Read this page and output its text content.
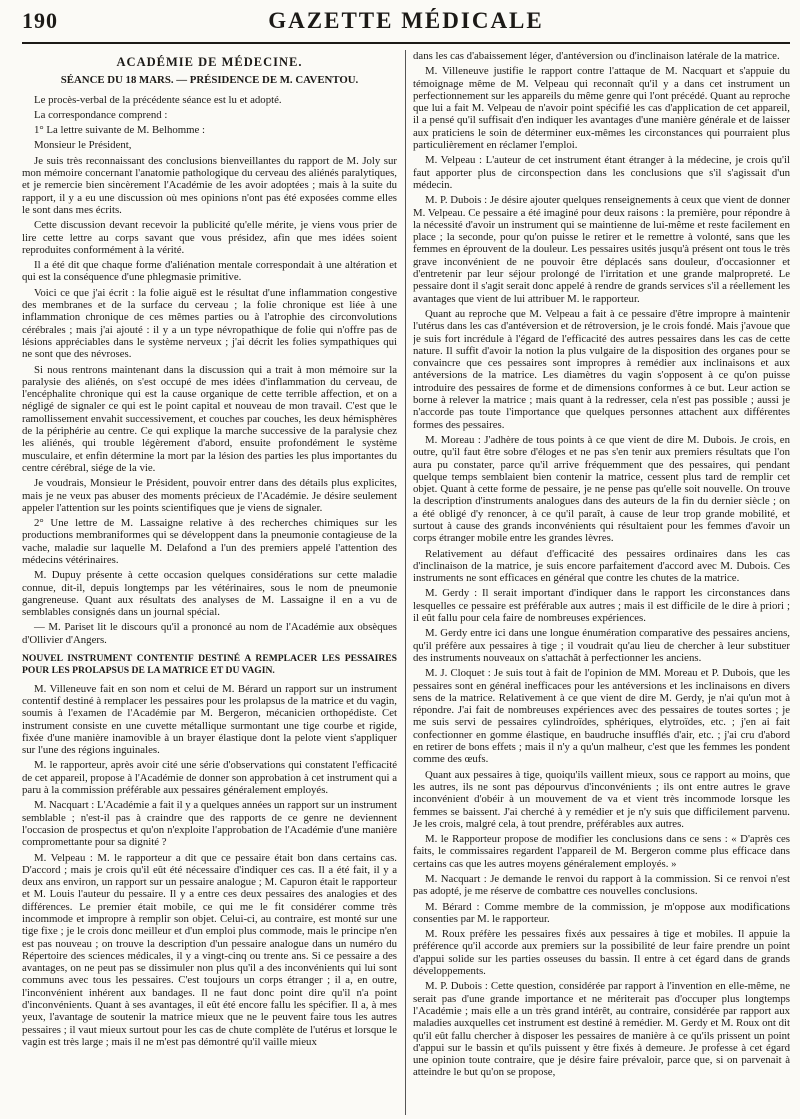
190	GAZETTE MÉDICALE
ACADÉMIE DE MÉDECINE.
SÉANCE DU 18 MARS. — PRÉSIDENCE DE M. CAVENTOU.

Le procès-verbal de la précédente séance est lu et adopté.

La correspondance comprend :

1° La lettre suivante de M. Belhomme :

Monsieur le Président,

Je suis très reconnaissant des conclusions bienveillantes du rapport de M. Joly sur mon mémoire concernant l'anatomie pathologique du cerveau des aliénés paralytiques, et je remercie bien sincèrement l'Académie de les avoir adoptées ; mais à la suite du rapport, il y a eu une discussion où mes opinions n'ont pas été exposées comme elles le sont dans mes écrits.

Cette discussion devant recevoir la publicité qu'elle mérite, je viens vous prier de lire cette lettre au corps savant que vous présidez, afin que mes idées soient reproduites conformément à la vérité.

Il a été dit que chaque forme d'aliénation mentale correspondait à une altération et qui est la conséquence d'une phlegmasie primitive.

Voici ce que j'ai écrit : la folie aiguë est le résultat d'une inflammation congestive des membranes et de la surface du cerveau ; la folie chronique est liée à une inflammation chronique de ces mêmes parties ou à l'atrophie des circonvolutions cérébrales ; mais j'ai ajouté : il y a un type névropathique de folie qui n'offre pas de lésions appréciables dans le système nerveux ; j'ai décrit les folies sympathiques qui ne sont que des névroses.

Si nous rentrons maintenant dans la discussion qui a trait à mon mémoire sur la paralysie des aliénés, on s'est occupé de mes idées d'inflammation du cerveau, de l'encéphalite chronique qui est la cause organique de cette terrible affection, et on a négligé de signaler ce qui est le point capital et nouveau de mon travail. C'est que le ramollissement envahit successivement, et couches par couches, les deux hémisphères de la périphérie au centre. Ce qui explique la marche successive de la paralysie chez les aliénés, qui trouble légèrement d'abord, ensuite profondément le système musculaire, et enfin détermine la mort par la lésion des parties les plus importantes du centre cérébral, siége de la vie.

Je voudrais, Monsieur le Président, pouvoir entrer dans des détails plus explicites, mais je ne veux pas abuser des moments précieux de l'Académie. Je désire seulement appeler l'attention sur les points scientifiques que je viens de signaler.

2° Une lettre de M. Lassaigne relative à des recherches chimiques sur les productions membraniformes qui se développent dans la pneumonie contagieuse de la vache, maladie sur laquelle M. Delafond a l'un des premiers appelé l'attention des médecins vétérinaires.

M. Dupuy présente à cette occasion quelques considérations sur cette maladie connue, dit-il, depuis longtemps par les vétérinaires, sous le nom de pneumonie gangreneuse. Quant aux résultats des analyses de M. Lassaigne il en a vu de semblables consignés dans un journal spécial.

— M. Pariset lit le discours qu'il a prononcé au nom de l'Académie aux obsèques d'Ollivier d'Angers.

NOUVEL INSTRUMENT CONTENTIF DESTINÉ A REMPLACER LES PESSAIRES POUR LES PROLAPSUS DE LA MATRICE ET DU VAGIN.

M. Villeneuve fait en son nom et celui de M. Bérard un rapport sur un instrument contentif destiné à remplacer les pessaires pour les prolapsus de la matrice et du vagin, soumis à l'examen de l'Académie par M. Bergeron, mécanicien orthopédiste. Cet instrument consiste en une cuvette métallique surmontant une tige courbe et rigide, fixée d'une manière inamovible à un brayer élastique dont la pelote vient s'appliquer sur l'une des régions inguinales.

M. le rapporteur, après avoir cité une série d'observations qui constatent l'efficacité de cet appareil, propose à l'Académie de donner son approbation à cet instrument qui a paru à la commission préférable aux pessaires généralement employés.

M. Nacquart : L'Académie a fait il y a quelques années un rapport sur un instrument semblable ; n'est-il pas à craindre que des rapports de ce genre ne deviennent l'occasion de prospectus et qu'on n'exploite l'approbation de l'Académie d'une manière compromettante pour sa dignité ?

M. Velpeau : M. le rapporteur a dit que ce pessaire était bon dans certains cas. D'accord ; mais je crois qu'il eût été nécessaire d'indiquer ces cas. Il a été fait, il y a deux ans environ, un rapport sur un pessaire analogue ; M. Capuron était le rapporteur et M. Louis l'auteur du pessaire. Il y a entre ces deux pessaires des analogies et des différences. Le premier était mobile, ce qui me le fit considérer comme très incommode et impropre à remplir son objet. Celui-ci, au contraire, est monté sur une tige fixe ; je le crois donc meilleur et d'un emploi plus commode, mais le principe n'en est pas nouveau ; on trouve la description d'un pessaire analogue dans un numéro du Répertoire des sciences médicales, il y a vingt-cinq ou trente ans. Si ce pessaire a des avantages, on ne peut pas se dissimuler non plus qu'il a des inconvénients qui lui sont communs avec tous les pessaires. C'est toujours un corps étranger ; il a, en outre, l'inconvénient inhérent aux bandages. Il ne faut donc point dire qu'il n'a point d'inconvénients. Quant à ses avantages, il eût été encore fallu les spécifier. Il a, à mes yeux, l'avantage de soutenir la matrice mieux que ne le peuvent faire tous les autres pessaires ; il vaut mieux surtout pour les cas de chute complète de l'utérus et lorsque le vagin est très large ; mais il ne m'est pas démontré qu'il vaille mieux

dans les cas d'abaissement léger, d'antéversion ou d'inclinaison latérale de la matrice.

M. Villeneuve justifie le rapport contre l'attaque de M. Nacquart et s'appuie du témoignage même de M. Velpeau qui reconnaît qu'il y a dans cet instrument un perfectionnement sur les appareils du même genre qui l'ont précédé. Quant au reproche que lui a fait M. Velpeau de n'avoir point spécifié les cas d'application de cet appareil, il a pensé qu'il suffisait d'en indiquer les avantages d'une manière générale et de laisser aux praticiens le soin de déterminer eux-mêmes les circonstances qui pourraient plus particulièrement en réclamer l'emploi.

M. Velpeau : L'auteur de cet instrument étant étranger à la médecine, je crois qu'il faut apporter plus de circonspection dans les conclusions que s'il s'agissait d'un médecin.

M. P. Dubois : Je désire ajouter quelques renseignements à ceux que vient de donner M. Velpeau. Ce pessaire a été imaginé pour deux raisons : la première, pour répondre à la nécessité d'avoir un instrument qui se maintienne de lui-même et reste facilement en place ; la seconde, pour qu'on puisse le retirer et le remettre à volonté, sans que les femmes en éprouvent de la douleur. Les pessaires usités jusqu'à présent ont tous le très grave inconvénient de ne pouvoir être déplacés sans douleur, d'occasionner et d'entretenir par leur séjour prolongé de l'irritation et une grande malpropreté. Le pessaire dont il s'agit serait donc appelé à rendre de grands services s'il a réellement les avantages que vient de lui attribuer M. le rapporteur.

Quant au reproche que M. Velpeau a fait à ce pessaire d'être impropre à maintenir l'utérus dans les cas d'antéversion et de rétroversion, je le crois fondé. Mais j'avoue que je suis fort incrédule à l'égard de l'efficacité des autres pessaires dans les cas de cette nature. Il suffit d'avoir la notion la plus vulgaire de la disposition des organes pour se convaincre que ces pessaires sont impropres à remédier aux inclinaisons et aux antéversions de la matrice. Les diamètres du vagin s'opposent à ce qu'on puisse introduire des pessaires de forme et de dimensions conformes à ce but. Leur action se borne à relever la matrice ; mais quant à la redresser, cela n'est pas possible ; aussi je n'accorde pas toute l'importance que quelques personnes attachent aux différentes formes des pessaires.

M. Moreau : J'adhère de tous points à ce que vient de dire M. Dubois. Je crois, en outre, qu'il faut être sobre d'éloges et ne pas s'en tenir aux premiers résultats que l'on aura pu constater, parce qu'il arrive fréquemment que des pessaires, qui pendant quelque temps semblaient bien contenir la matrice, cessent plus tard de remplir cet objet. Quant à cette forme de pessaire, je ne pense pas qu'elle soit nouvelle. On trouve la description d'instruments analogues dans des auteurs de la fin du dernier siècle ; on a été obligé d'y renoncer, à ce qu'il paraît, à cause de leur trop grande mobilité, et surtout à cause des grands inconvénients qui résultaient pour les femmes d'avoir un corps étranger mobile entre les grandes lèvres.

Relativement au défaut d'efficacité des pessaires ordinaires dans les cas d'inclinaison de la matrice, je suis encore parfaitement d'accord avec M. Dubois. Ces instruments ne sont efficaces en général que contre les chutes de la matrice.

M. Gerdy : Il serait important d'indiquer dans le rapport les circonstances dans lesquelles ce pessaire est préférable aux autres ; mais il est difficile de le dire à priori ; il eût fallu pour cela faire de nombreuses expériences.

M. Gerdy entre ici dans une longue énumération comparative des pessaires anciens, qu'il préfère aux pessaires à tige ; il voudrait qu'au lieu de chercher à leur substituer des instruments nouveaux on s'attachât à perfectionner les anciens.

M. J. Cloquet : Je suis tout à fait de l'opinion de MM. Moreau et P. Dubois, que les pessaires sont en général inefficaces pour les antéversions et les inclinaisons en divers sens de la matrice. Relativement à ce que vient de dire M. Gerdy, je n'ai qu'un mot à répondre. J'ai fait de nombreuses expériences avec des pessaires de toutes sortes ; je me suis servi de pessaires cylindroïdes, sphériques, elytroïdes, etc. ; j'en ai fait confectionner en gomme élastique, en baudruche insufflés d'air, etc. ; j'ai cru d'abord en retirer de bons effets ; mais il n'y a qu'un malheur, c'est que les femmes les pondent comme des œufs.

Quant aux pessaires à tige, quoiqu'ils vaillent mieux, sous ce rapport au moins, que les autres, ils ne sont pas dépourvus d'inconvénients ; ils ont entre autres le grave inconvénient d'obéir à un mouvement de va et vient très incommode lorsque les femmes se baissent. J'ai cherché à y remédier et je n'y suis que difficilement parvenu. Je les crois, malgré cela, à tout prendre, préférables aux autres.

M. le Rapporteur propose de modifier les conclusions dans ce sens : « D'après ces faits, le commissaires regardent l'appareil de M. Bergeron comme plus efficace dans certains cas que les autres moyens généralement employés. »

M. Nacquart : Je demande le renvoi du rapport à la commission. Si ce renvoi n'est pas adopté, je me réserve de combattre ces nouvelles conclusions.

M. Bérard : Comme membre de la commission, je m'oppose aux modifications consenties par M. le rapporteur.

M. Roux préfère les pessaires fixés aux pessaires à tige et mobiles. Il appuie la préférence qu'il accorde aux premiers sur la possibilité de leur faire prendre un point d'appui solide sur les parties osseuses du bassin. Il entre à cet égard dans de grands développements.

M. P. Dubois : Cette question, considérée par rapport à l'invention en elle-même, ne serait pas d'une grande importance et ne mériterait pas d'occuper plus longtemps l'Académie ; mais elle a un très grand intérêt, au contraire, considérée par rapport aux maladies auxquelles cet instrument est destiné à remédier. M. Gerdy et M. Roux ont dit qu'il eût fallu chercher à disposer les pessaires de manière à ce qu'ils prissent un point d'appui sur le bassin et qu'ils puissent y être fixés à demeure. Je professe à cet égard une opinion toute contraire, que je désire faire prévaloir, parce que, si on parvenait à atteindre le but qu'on se propose,
